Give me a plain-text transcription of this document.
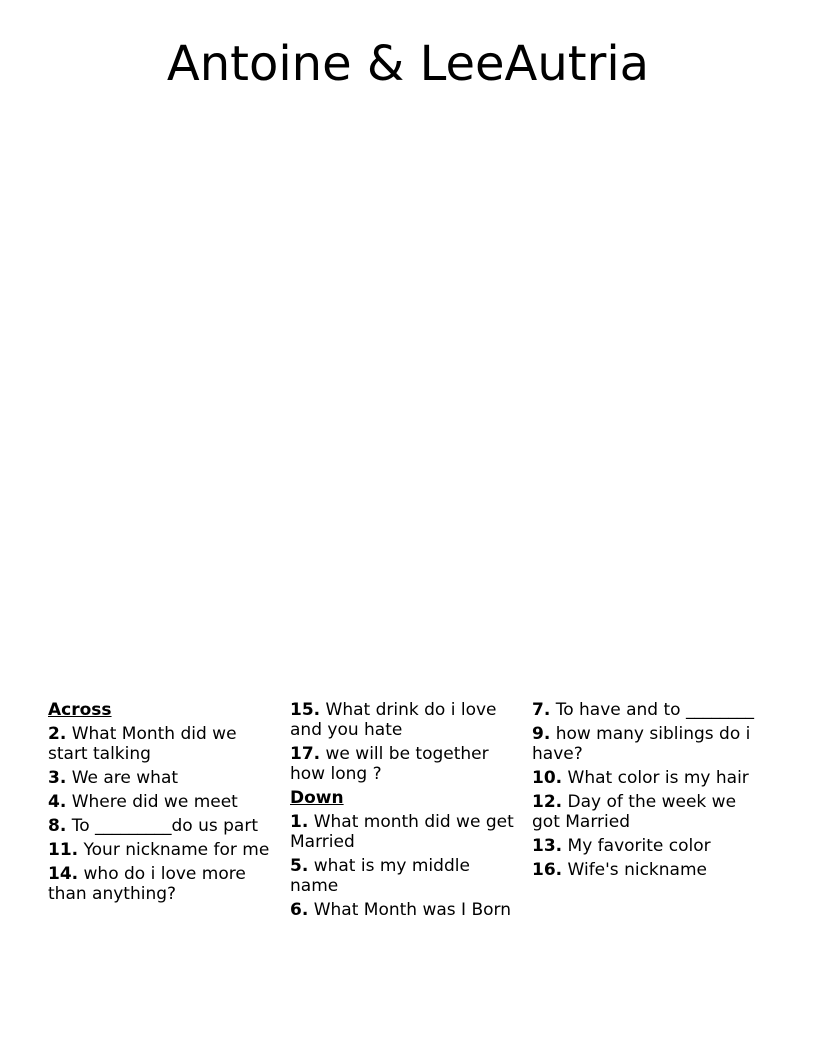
Antoine & LeeAutria
Across
2. What Month did we start talking
3. We are what
4. Where did we meet
8. To _________do us part
11. Your nickname for me
14. who do i love more than anything?
15. What drink do i love and you hate
17. we will be together how long ?
Down
1. What month did we get Married
5. what is my middle name
6. What Month was I Born
7. To have and to ________
9. how many siblings do i have?
10. What color is my hair
12. Day of the week we got Married
13. My favorite color
16. Wife's nickname
